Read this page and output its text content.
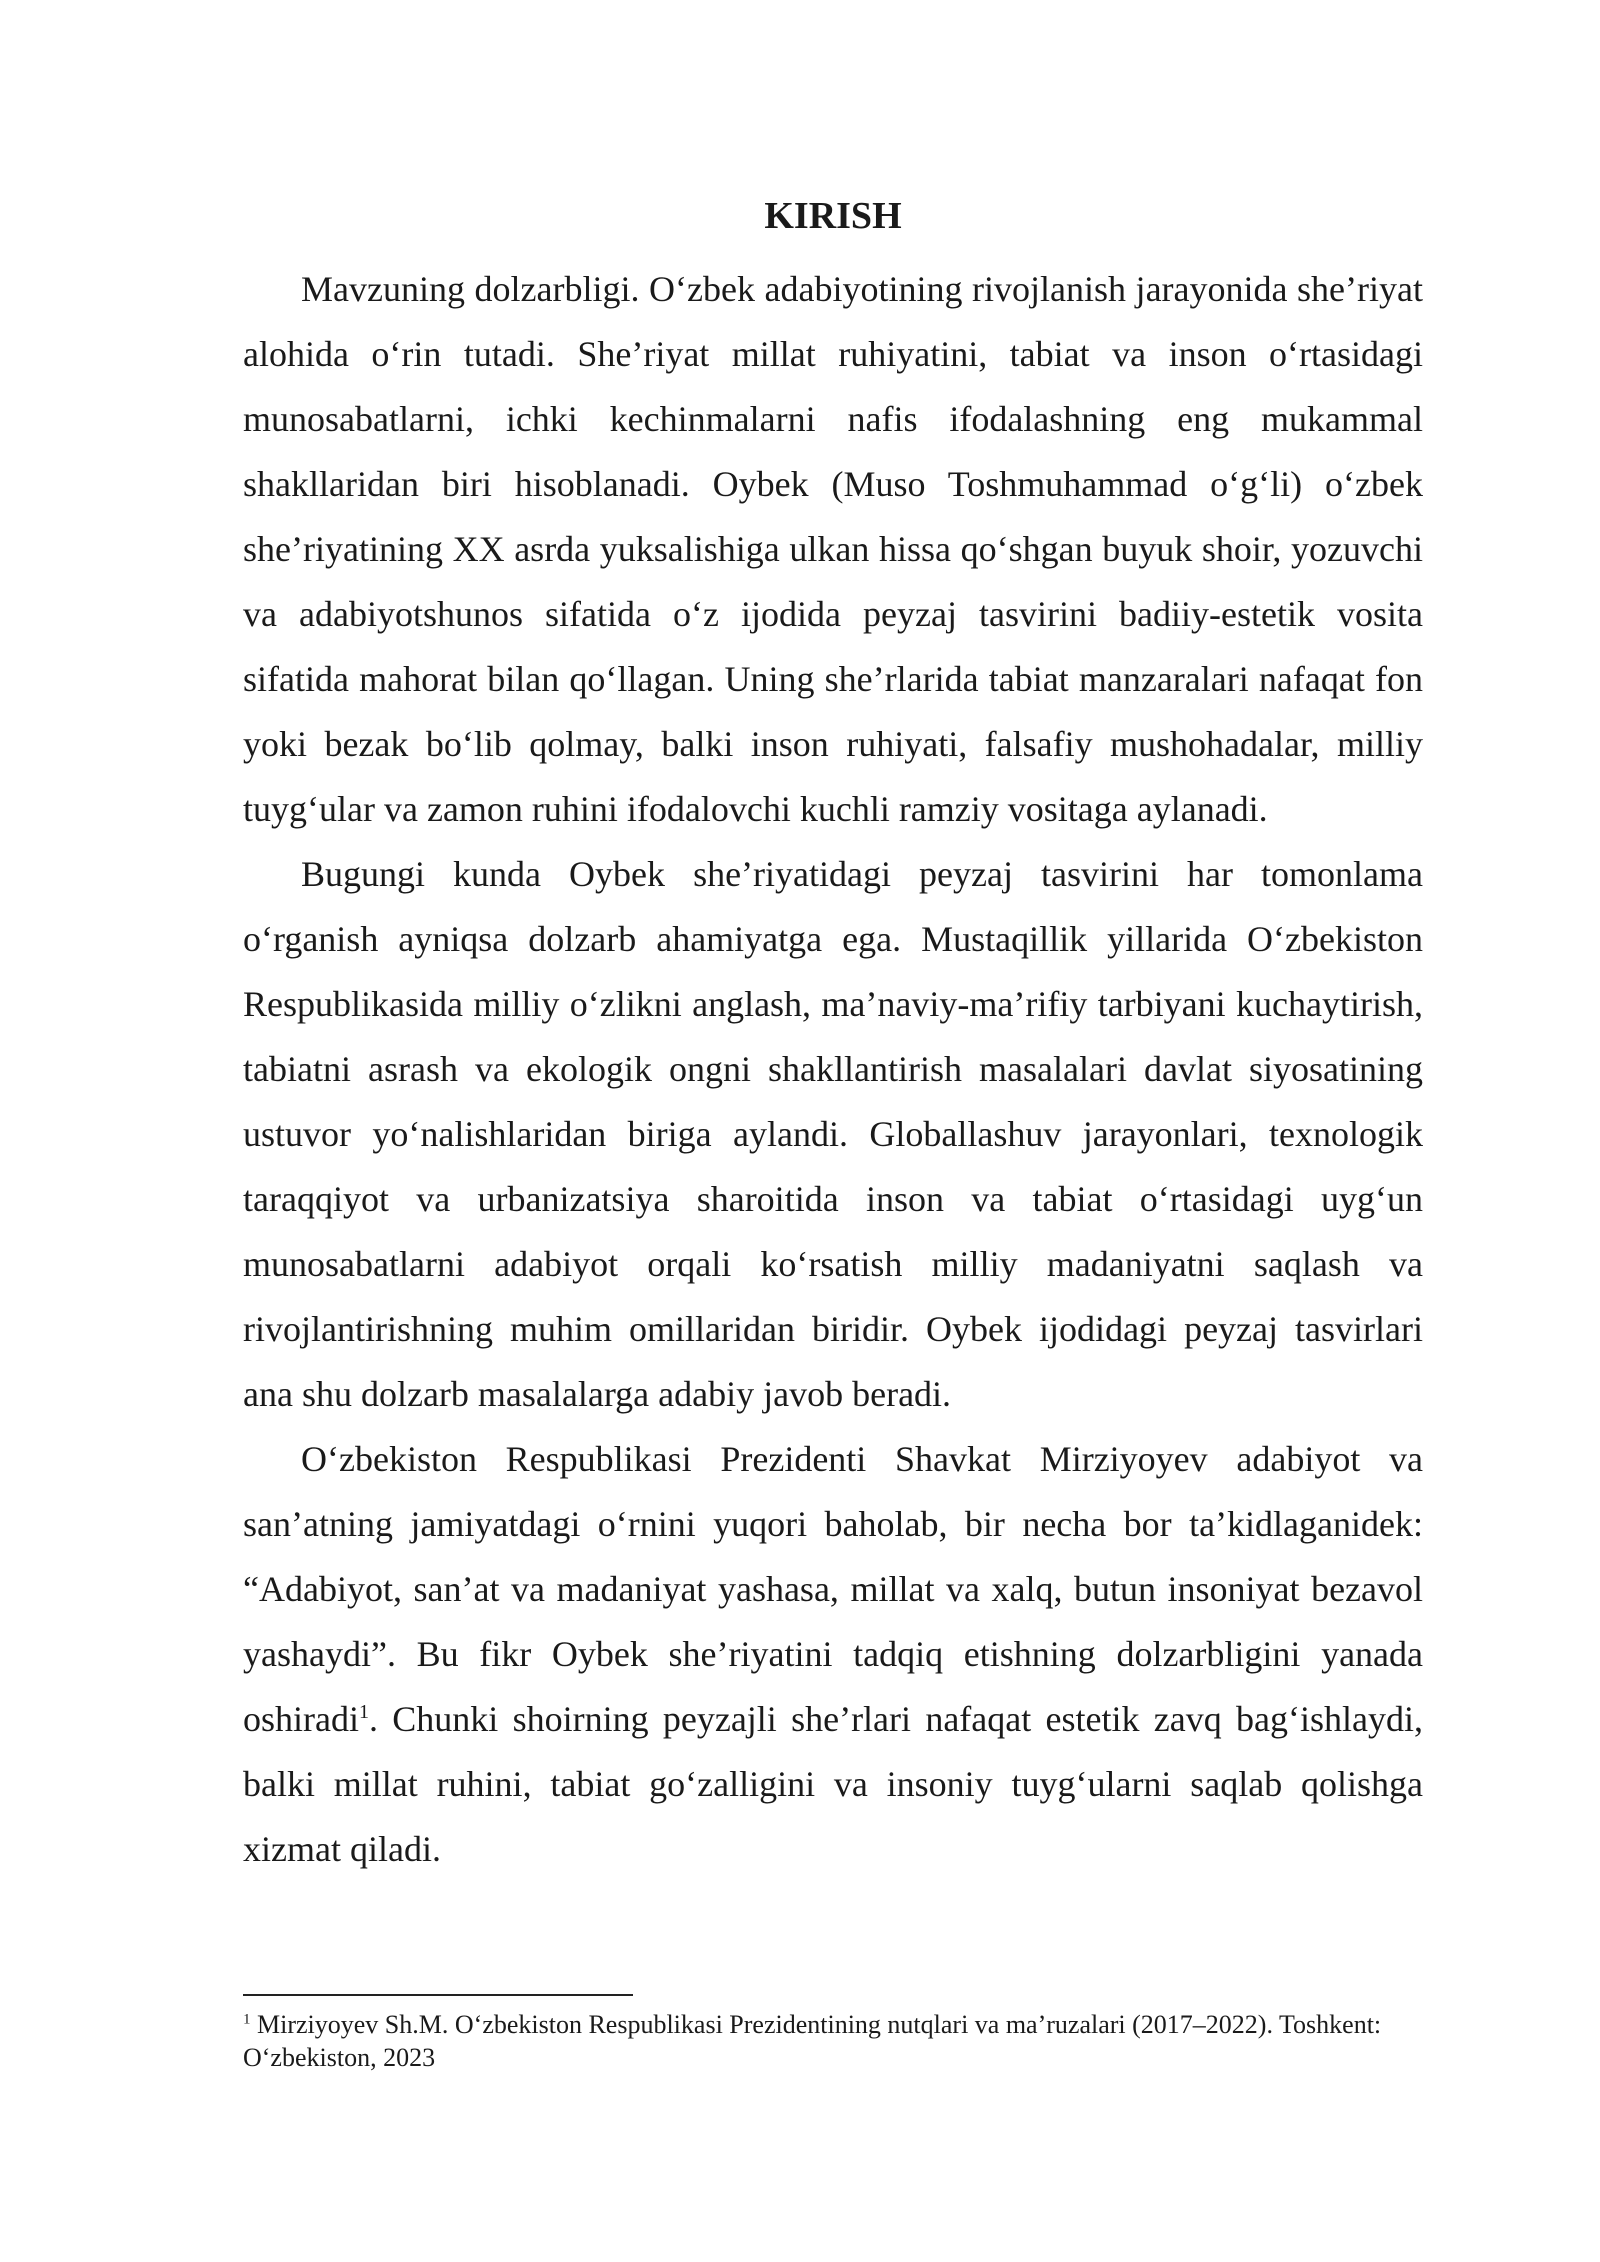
KIRISH

Mavzuning dolzarbligi. O‘zbek adabiyotining rivojlanish jarayonida she’riyat alohida o‘rin tutadi. She’riyat millat ruhiyatini, tabiat va inson o‘rtasidagi munosabatlarni, ichki kechinmalarni nafis ifodalashning eng mukammal shakllaridan biri hisoblanadi. Oybek (Muso Toshmuhammad o‘g‘li) o‘zbek she’riyatining XX asrda yuksalishiga ulkan hissa qo‘shgan buyuk shoir, yozuvchi va adabiyotshunos sifatida o‘z ijodida peyzaj tasvirini badiiy-estetik vosita sifatida mahorat bilan qo‘llagan. Uning she’rlarida tabiat manzaralari nafaqat fon yoki bezak bo‘lib qolmay, balki inson ruhiyati, falsafiy mushohadalar, milliy tuyg‘ular va zamon ruhini ifodalovchi kuchli ramziy vositaga aylanadi.

Bugungi kunda Oybek she’riyatidagi peyzaj tasvirini har tomonlama o‘rganish ayniqsa dolzarb ahamiyatga ega. Mustaqillik yillarida O‘zbekiston Respublikasida milliy o‘zlikni anglash, ma’naviy-ma’rifiy tarbiyani kuchaytirish, tabiatni asrash va ekologik ongni shakllantirish masalalari davlat siyosatining ustuvor yo‘nalishlaridan biriga aylandi. Globallashuv jarayonlari, texnologik taraqqiyot va urbanizatsiya sharoitida inson va tabiat o‘rtasidagi uyg‘un munosabatlarni adabiyot orqali ko‘rsatish milliy madaniyatni saqlash va rivojlantirishning muhim omillaridan biridir. Oybek ijodidagi peyzaj tasvirlari ana shu dolzarb masalalarga adabiy javob beradi.

O‘zbekiston Respublikasi Prezidenti Shavkat Mirziyoyev adabiyot va san’atning jamiyatdagi o‘rnini yuqori baholab, bir necha bor ta’kidlaganidek: “Adabiyot, san’at va madaniyat yashasa, millat va xalq, butun insoniyat bezavol yashaydi”. Bu fikr Oybek she’riyatini tadqiq etishning dolzarbligini yanada oshiradi$^1$. Chunki shoirning peyzajli she’rlari nafaqat estetik zavq bag‘ishlaydi, balki millat ruhini, tabiat go‘zalligini va insoniy tuyg‘ularni saqlab qolishga xizmat qiladi.

$^1$ Mirziyoyev Sh.M. O‘zbekiston Respublikasi Prezidentining nutqlari va ma’ruzalari (2017–2022). Toshkent: O‘zbekiston, 2023
